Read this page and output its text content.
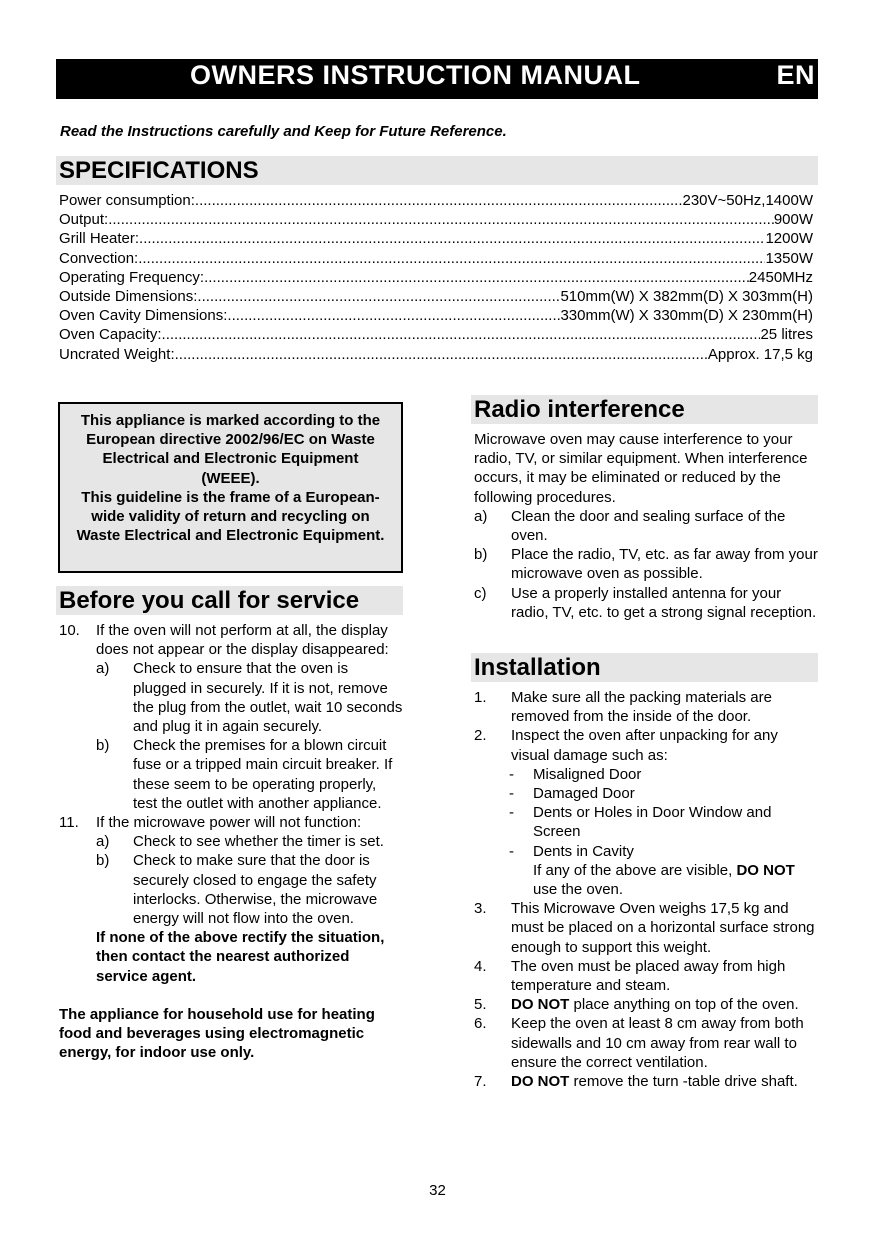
OWNERS INSTRUCTION MANUAL	EN
Read the Instructions carefully and Keep for Future Reference.
SPECIFICATIONS
Power consumption: .....	230V~50Hz,1400W
Output: .....	900W
Grill Heater: .....	1200W
Convection: .....	1350W
Operating Frequency: .....	2450MHz
Outside Dimensions: .....	510mm(W) X 382mm(D) X 303mm(H)
Oven Cavity Dimensions: .....	330mm(W) X 330mm(D) X 230mm(H)
Oven Capacity: .....	25 litres
Uncrated Weight: .....	Approx. 17,5 kg
This appliance is marked according to the European directive 2002/96/EC on Waste Electrical and Electronic Equipment (WEEE).
This guideline is the frame of a European-wide validity of return and recycling on Waste Electrical and Electronic Equipment.
Before you call for service
10. If the oven will not perform at all, the display does not appear or the display disappeared:
a) Check to ensure that the oven is plugged in securely. If it is not, remove the plug from the outlet, wait 10 seconds and plug it in again securely.
b) Check the premises for a blown circuit fuse or a tripped main circuit breaker. If these seem to be operating properly, test the outlet with another appliance.
11. If the microwave power will not function:
a) Check to see whether the timer is set.
b) Check to make sure that the door is securely closed to engage the safety interlocks. Otherwise, the microwave energy will not flow into the oven.
If none of the above rectify the situation, then contact the nearest authorized service agent.
The appliance for household use for heating food and beverages using electromagnetic energy, for indoor use only.
Radio interference
Microwave oven may cause interference to your radio, TV, or similar equipment. When interference occurs, it may be eliminated or reduced by the following procedures.
a) Clean the door and sealing surface of the oven.
b) Place the radio, TV, etc. as far away from your microwave oven as possible.
c) Use a properly installed antenna for your radio, TV, etc. to get a strong signal reception.
Installation
1. Make sure all the packing materials are removed from the inside of the door.
2. Inspect the oven after unpacking for any visual damage such as:
- Misaligned Door
- Damaged Door
- Dents or Holes in Door Window and Screen
- Dents in Cavity
If any of the above are visible, DO NOT use the oven.
3. This Microwave Oven weighs 17,5 kg and must be placed on a horizontal surface strong enough to support this weight.
4. The oven must be placed away from high temperature and steam.
5. DO NOT place anything on top of the oven.
6. Keep the oven at least 8 cm away from both sidewalls and 10 cm away from rear wall to ensure the correct ventilation.
7. DO NOT remove the turn -table drive shaft.
32
